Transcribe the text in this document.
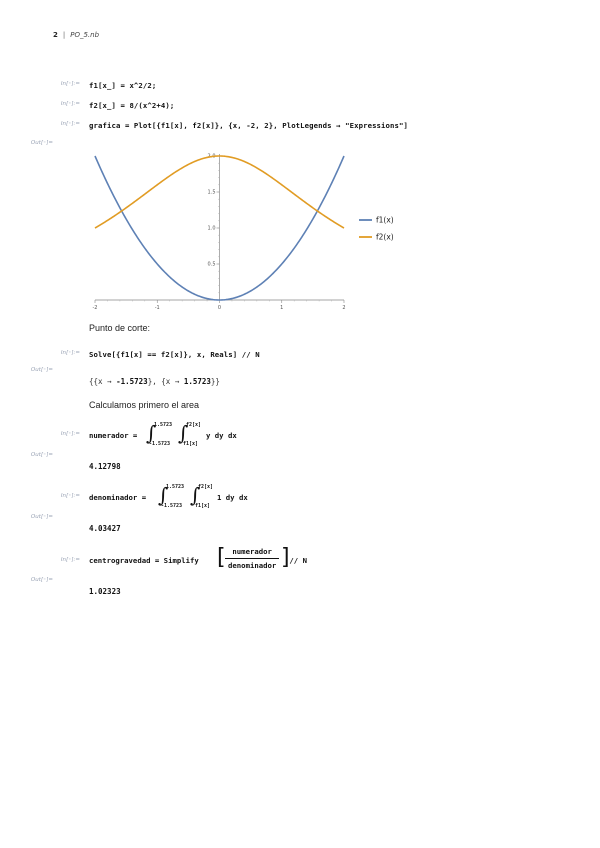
2 | PO_5.nb
In[◦]:= f1[x_] = x^2/2;
In[◦]:= f2[x_] = 8/(x^2+4);
In[◦]:= grafica = Plot[{f1[x], f2[x]}, {x, -2, 2}, PlotLegends → "Expressions"]
Out[◦]=
-2	-1	0	1	2
0.5
1.0
1.5
2.0
f1(x)
f2(x)
Punto de corte:
In[◦]:= Solve[{f1[x] == f2[x]}, x, Reals] // N
Out[◦]=
{{x → -1.5723}, {x → 1.5723}}
Calculamos primero el area
In[◦]:= numerador = ∫
1.5723
-1.5723 ∫
f2[x]
f1[x]
y dy dx
Out[◦]=
4.12798
In[◦]:= denominador = ∫
1.5723
-1.5723 ∫
f2[x]
f1[x]
1 dy dx
Out[◦]=
4.03427
In[◦]:= centrogravedad = Simplify [ numerador
denominador ]
// N
Out[◦]=
1.02323
